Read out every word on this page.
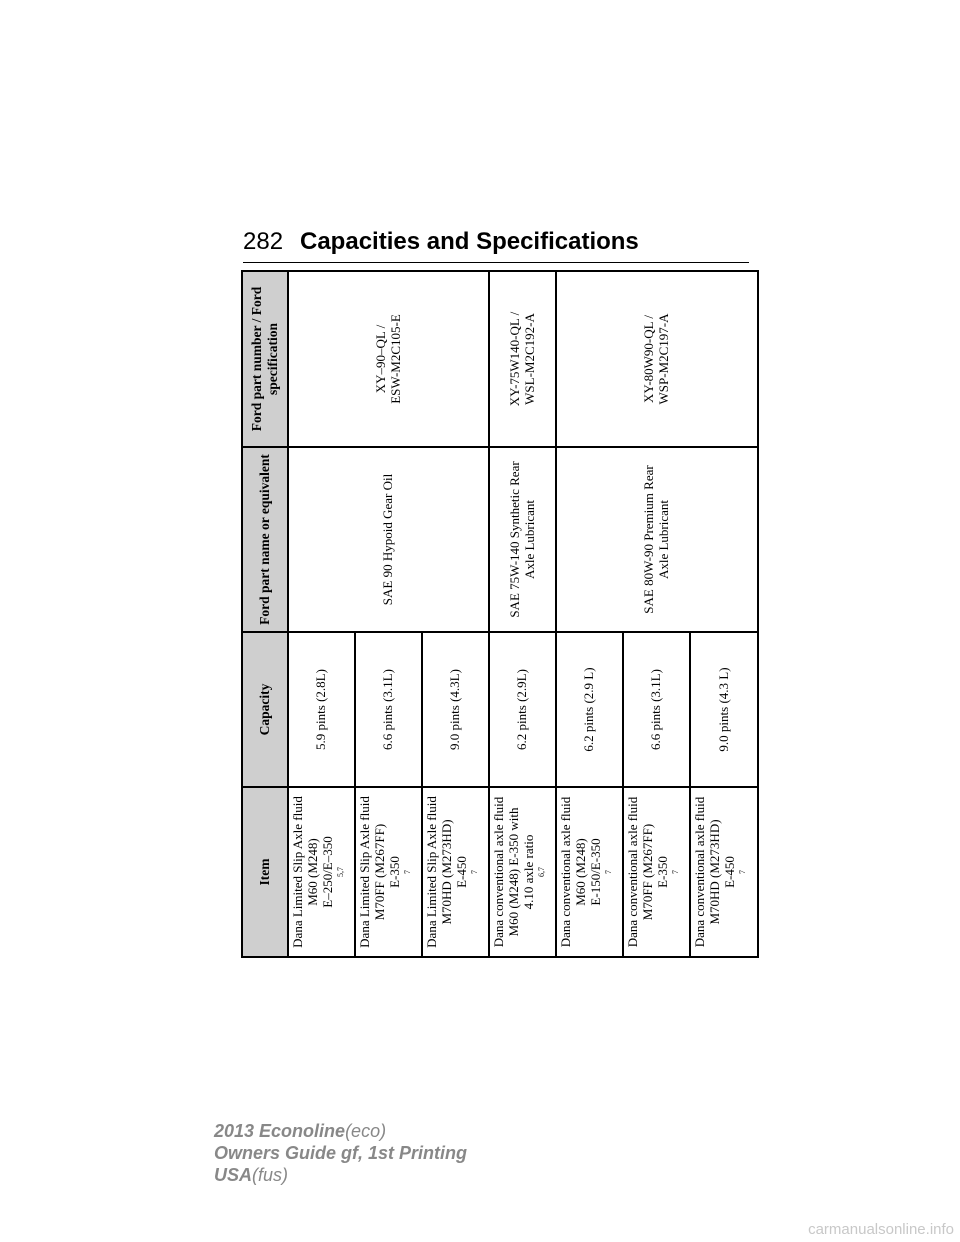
282 Capacities and Specifications
Item	Capacity	Ford part name or equivalent	Ford part number / Ford specification

Dana Limited Slip Axle fluid M60 (M248) E–250/E–350 $^{5,7}$	5.9 pints (2.8L)	SAE 90 Hypoid Gear Oil	XY–90–QL / ESW-M2C105-E

Dana Limited Slip Axle fluid M70FF (M267FF) E-350 $^7$	6.6 pints (3.1L)		

Dana Limited Slip Axle fluid M70HD (M273HD) E-450 $^7$	9.0 pints (4.3L)		

Dana conventional axle fluid M60 (M248) E-350 with 4.10 axle ratio $^{6,7}$	6.2 pints (2.9L)	SAE 75W-140 Synthetic Rear Axle Lubricant	XY-75W140-QL / WSL-M2C192-A

Dana conventional axle fluid M60 (M248) E-150/E-350 $^7$	6.2 pints (2.9 L)	SAE 80W-90 Premium Rear Axle Lubricant	XY-80W90-QL / WSP-M2C197-A

Dana conventional axle fluid M70FF (M267FF) E-350 $^7$	6.6 pints (3.1L)		

Dana conventional axle fluid M70HD (M273HD) E-450 $^7$	9.0 pints (4.3 L)		
2013 Econoline(eco)
Owners Guide gf, 1st Printing
USA(fus)
carmanualsonline.info
